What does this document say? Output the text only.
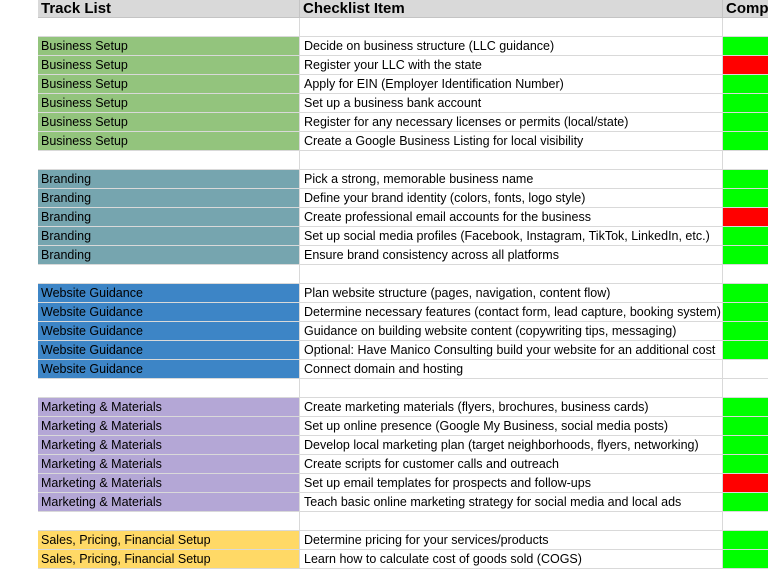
Track List	Checklist Item	Comp
Business Setup	Decide on business structure (LLC guidance)
Business Setup	Register your LLC with the state
Business Setup	Apply for EIN (Employer Identification Number)
Business Setup	Set up a business bank account
Business Setup	Register for any necessary licenses or permits (local/state)
Business Setup	Create a Google Business Listing for local visibility
Branding	Pick a strong, memorable business name
Branding	Define your brand identity (colors, fonts, logo style)
Branding	Create professional email accounts for the business
Branding	Set up social media profiles (Facebook, Instagram, TikTok, LinkedIn, etc.)
Branding	Ensure brand consistency across all platforms
Website Guidance	Plan website structure (pages, navigation, content flow)
Website Guidance	Determine necessary features (contact form, lead capture, booking system)
Website Guidance	Guidance on building website content (copywriting tips, messaging)
Website Guidance	Optional: Have Manico Consulting build your website for an additional cost
Website Guidance	Connect domain and hosting
Marketing & Materials	Create marketing materials (flyers, brochures, business cards)
Marketing & Materials	Set up online presence (Google My Business, social media posts)
Marketing & Materials	Develop local marketing plan (target neighborhoods, flyers, networking)
Marketing & Materials	Create scripts for customer calls and outreach
Marketing & Materials	Set up email templates for prospects and follow-ups
Marketing & Materials	Teach basic online marketing strategy for social media and local ads
Sales, Pricing, Financial Setup	Determine pricing for your services/products
Sales, Pricing, Financial Setup	Learn how to calculate cost of goods sold (COGS)
